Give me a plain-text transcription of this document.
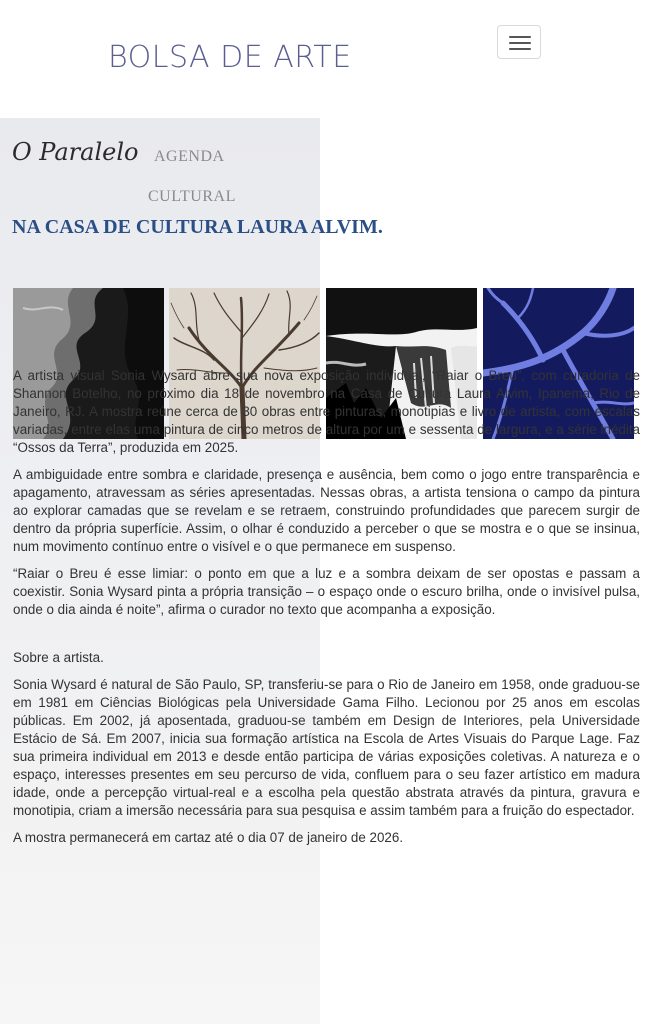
BOLSA DE ARTE
O Paralelo AGENDA
CULTURAL
NA CASA DE CULTURA LAURA ALVIM.

A artista visual Sonia Wysard abre sua nova exposição individual, “Raiar o Breu”, com curadoria de Shannon Botelho, no próximo dia 18 de novembro na Casa de Cultura Laura Alvim, Ipanema, Rio de Janeiro, RJ. A mostra reúne cerca de 30 obras entre pinturas, monotipias e livro de artista, com escalas variadas, entre elas uma pintura de cinco metros de altura por um e sessenta de largura, e a série inédita “Ossos da Terra”, produzida em 2025.

A ambiguidade entre sombra e claridade, presença e ausência, bem como o jogo entre transparência e apagamento, atravessam as séries apresentadas. Nessas obras, a artista tensiona o campo da pintura ao explorar camadas que se revelam e se retraem, construindo profundidades que parecem surgir de dentro da própria superfície. Assim, o olhar é conduzido a perceber o que se mostra e o que se insinua, num movimento contínuo entre o visível e o que permanece em suspenso.

“Raiar o Breu é esse limiar: o ponto em que a luz e a sombra deixam de ser opostas e passam a coexistir. Sonia Wysard pinta a própria transição – o espaço onde o escuro brilha, onde o invisível pulsa, onde o dia ainda é noite”, afirma o curador no texto que acompanha a exposição.

Sobre a artista.

Sonia Wysard é natural de São Paulo, SP, transferiu-se para o Rio de Janeiro em 1958, onde graduou-se em 1981 em Ciências Biológicas pela Universidade Gama Filho. Lecionou por 25 anos em escolas públicas. Em 2002, já aposentada, graduou-se também em Design de Interiores, pela Universidade Estácio de Sá. Em 2007, inicia sua formação artística na Escola de Artes Visuais do Parque Lage. Faz sua primeira individual em 2013 e desde então participa de várias exposições coletivas. A natureza e o espaço, interesses presentes em seu percurso de vida, confluem para o seu fazer artístico em madura idade, onde a percepção virtual-real e a escolha pela questão abstrata através da pintura, gravura e monotipia, criam a imersão necessária para sua pesquisa e assim também para a fruição do espectador.

A mostra permanecerá em cartaz até o dia 07 de janeiro de 2026.
